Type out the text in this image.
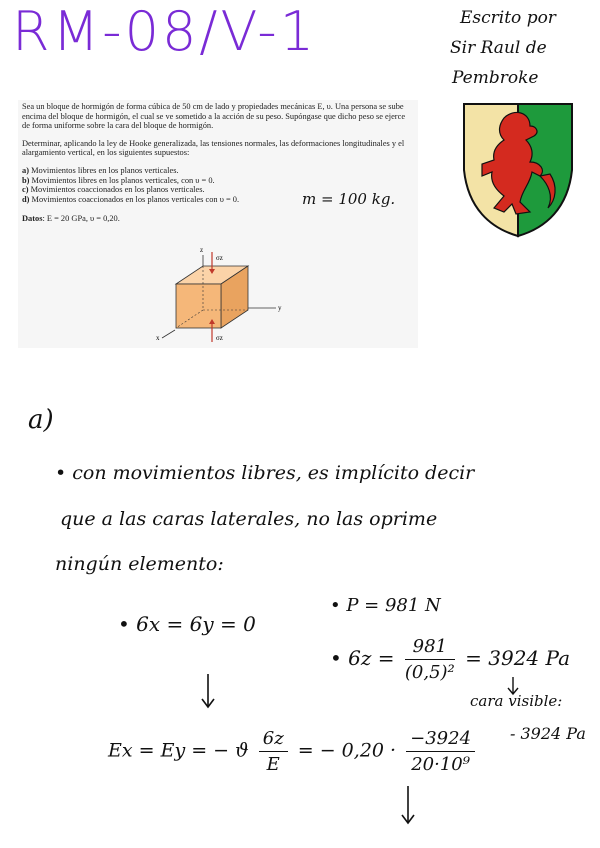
RM-08/V-1	Escrito por
Sir Raul de
Pembroke

Sea un bloque de hormigón de forma cúbica de 50 cm de lado y propiedades mecánicas E, υ. Una persona se sube encima del bloque de hormigón, el cual se ve sometido a la acción de su peso. Supóngase que dicho peso se ejerce de forma uniforme sobre la cara del bloque de hormigón.

Determinar, aplicando la ley de Hooke generalizada, las tensiones normales, las deformaciones longitudinales y el alargamiento vertical, en los siguientes supuestos:

a) Movimientos libres en los planos verticales.
b) Movimientos libres en los planos verticales, con υ = 0.
c) Movimientos coaccionados en los planos verticales.
d) Movimientos coaccionados en los planos verticales con υ = 0.
Datos: E = 20 GPa, υ = 0,20.
z
y
x
σz
σz
m = 100 kg.
a)
• con movimientos libres, es implícito decir
que a las caras laterales, no las oprime
ningún elemento:
• 6x = 6y = 0
• P = 981 N
• $6z = \frac{981}{\text{(0,5)²}} = 3924$ Pa
cara visible:
- 3924 Pa
Ex = Ey = − ϑ $\frac{6z}{E}$ = − $0,20 \cdot \frac{-3924}{\text{20·10⁹}}$
